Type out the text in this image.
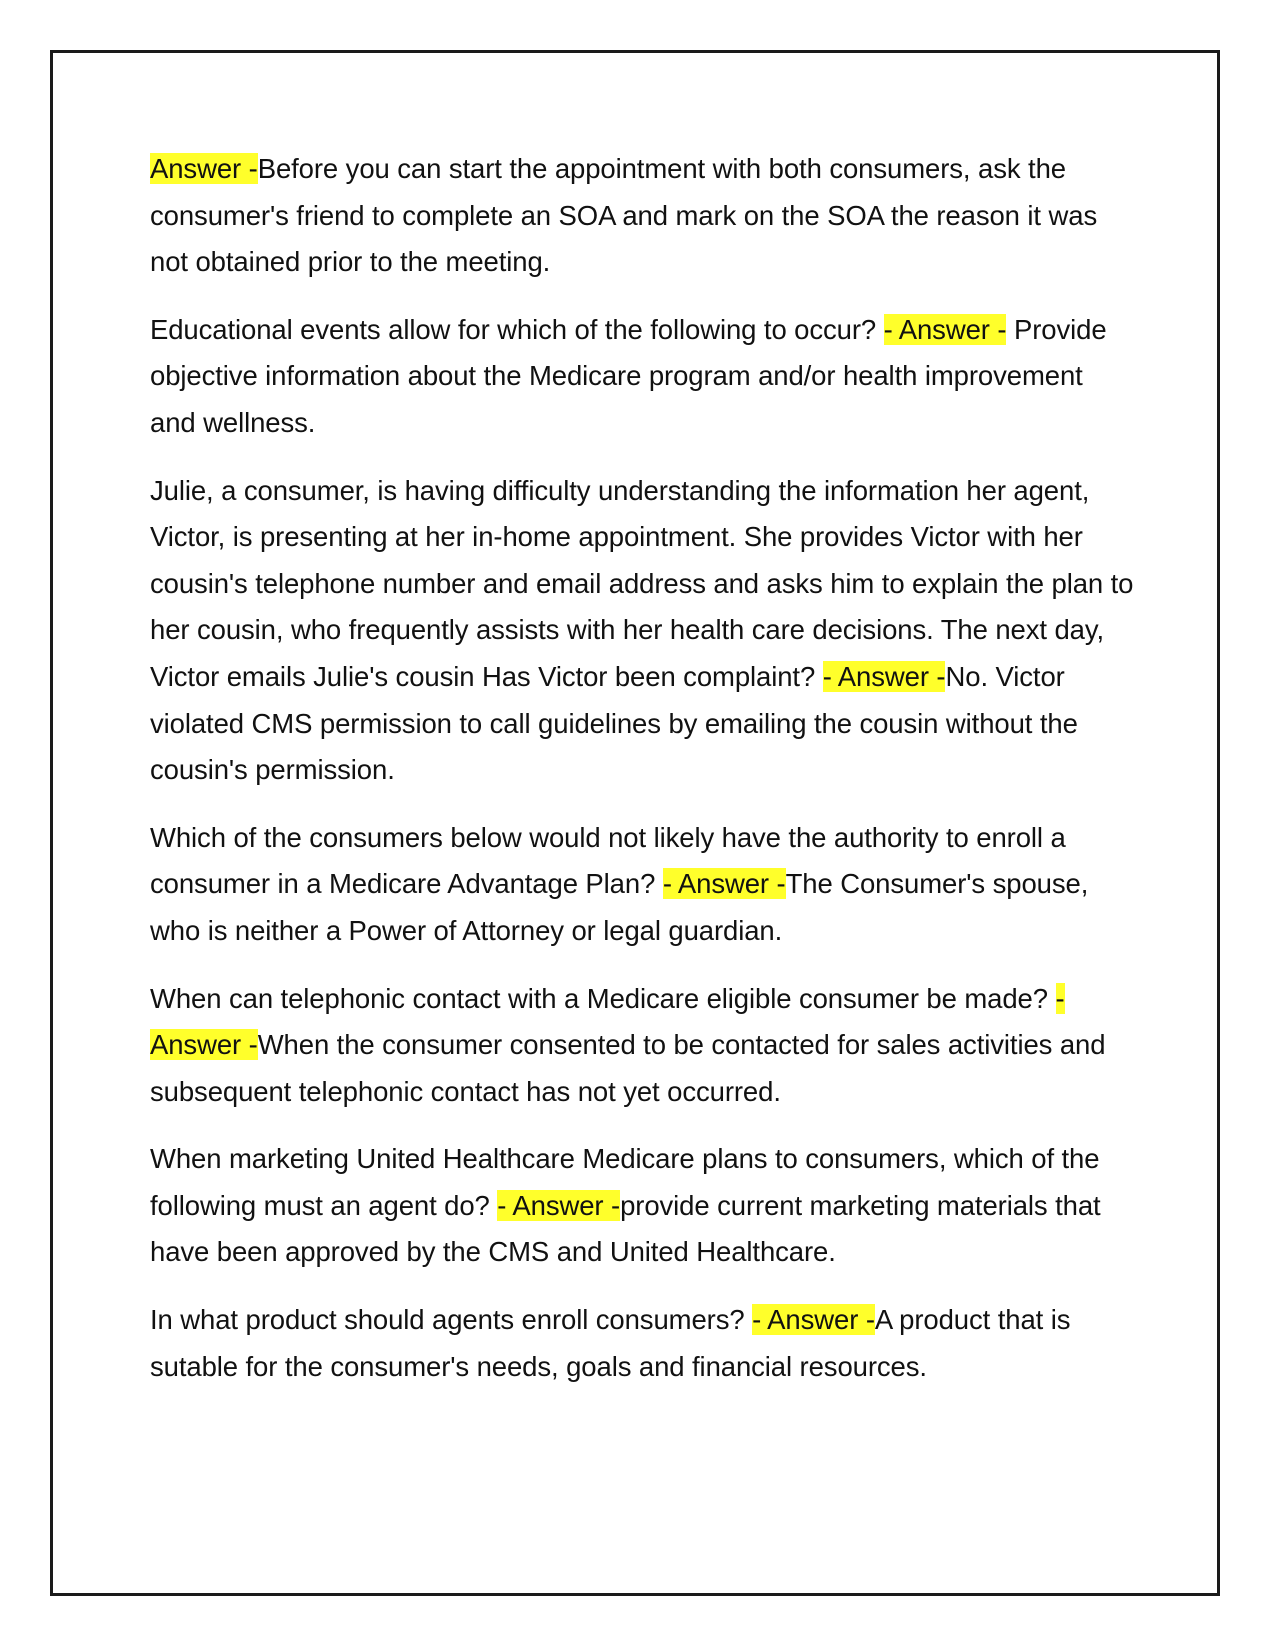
Answer -Before you can start the appointment with both consumers, ask the consumer's friend to complete an SOA and mark on the SOA the reason it was not obtained prior to the meeting.

Educational events allow for which of the following to occur? - Answer - Provide objective information about the Medicare program and/or health improvement and wellness.

Julie, a consumer, is having difficulty understanding the information her agent, Victor, is presenting at her in-home appointment. She provides Victor with her cousin's telephone number and email address and asks him to explain the plan to her cousin, who frequently assists with her health care decisions. The next day, Victor emails Julie's cousin Has Victor been complaint? - Answer -No. Victor violated CMS permission to call guidelines by emailing the cousin without the cousin's permission.

Which of the consumers below would not likely have the authority to enroll a consumer in a Medicare Advantage Plan? - Answer -The Consumer's spouse, who is neither a Power of Attorney or legal guardian.

When can telephonic contact with a Medicare eligible consumer be made? - Answer -When the consumer consented to be contacted for sales activities and subsequent telephonic contact has not yet occurred.

When marketing United Healthcare Medicare plans to consumers, which of the following must an agent do? - Answer -provide current marketing materials that have been approved by the CMS and United Healthcare.

In what product should agents enroll consumers? - Answer -A product that is sutable for the consumer's needs, goals and financial resources.
